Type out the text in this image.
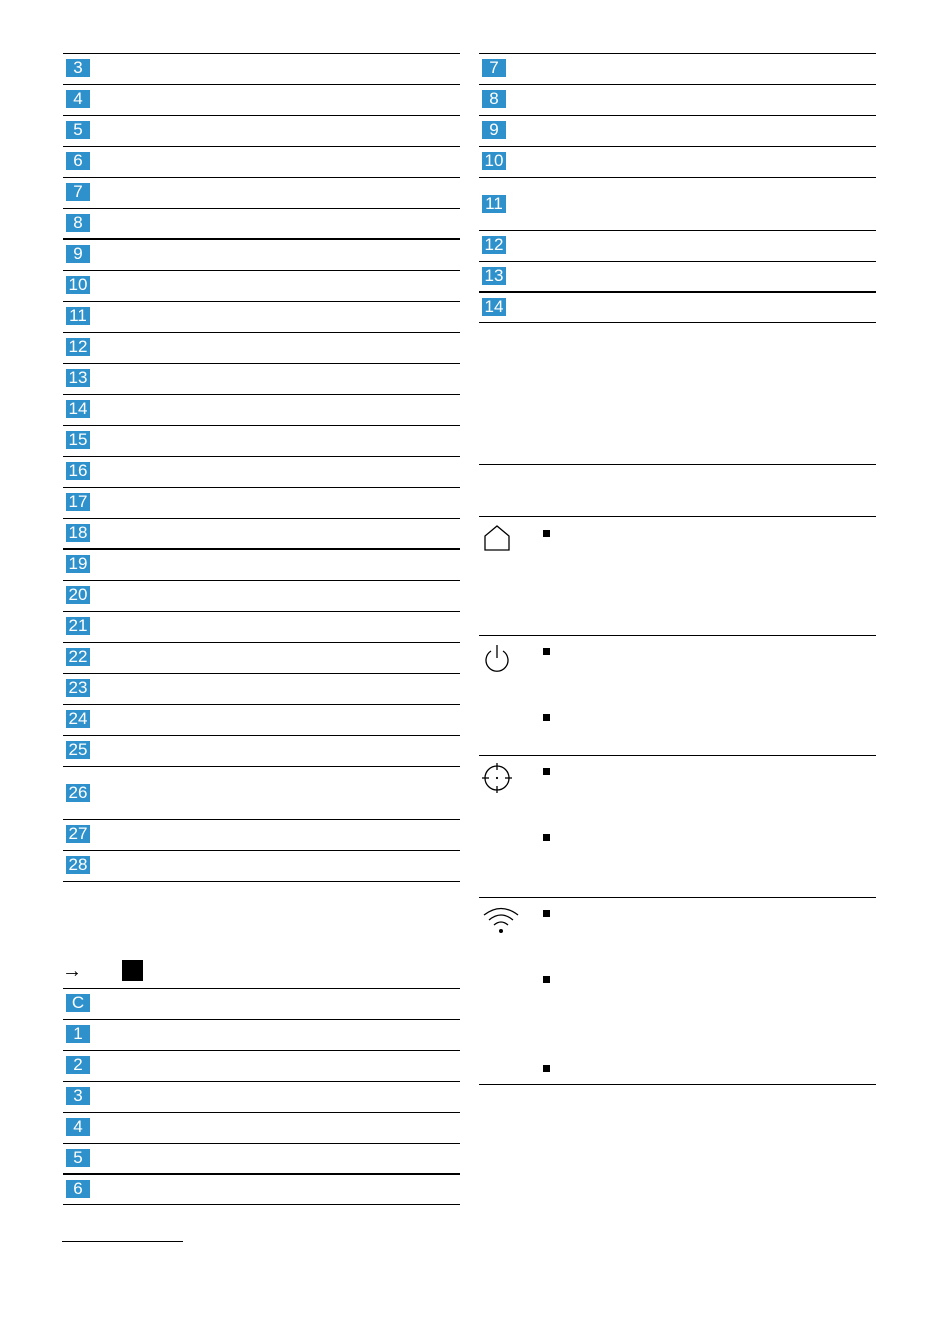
3
4
5
6
7
8
9
10
11
12
13
14
15
16
17
18
19
20
21
22
23
24
25
26
27
28
7
8
9
10
11
12
13
14
→
C
1
2
3
4
5
6
